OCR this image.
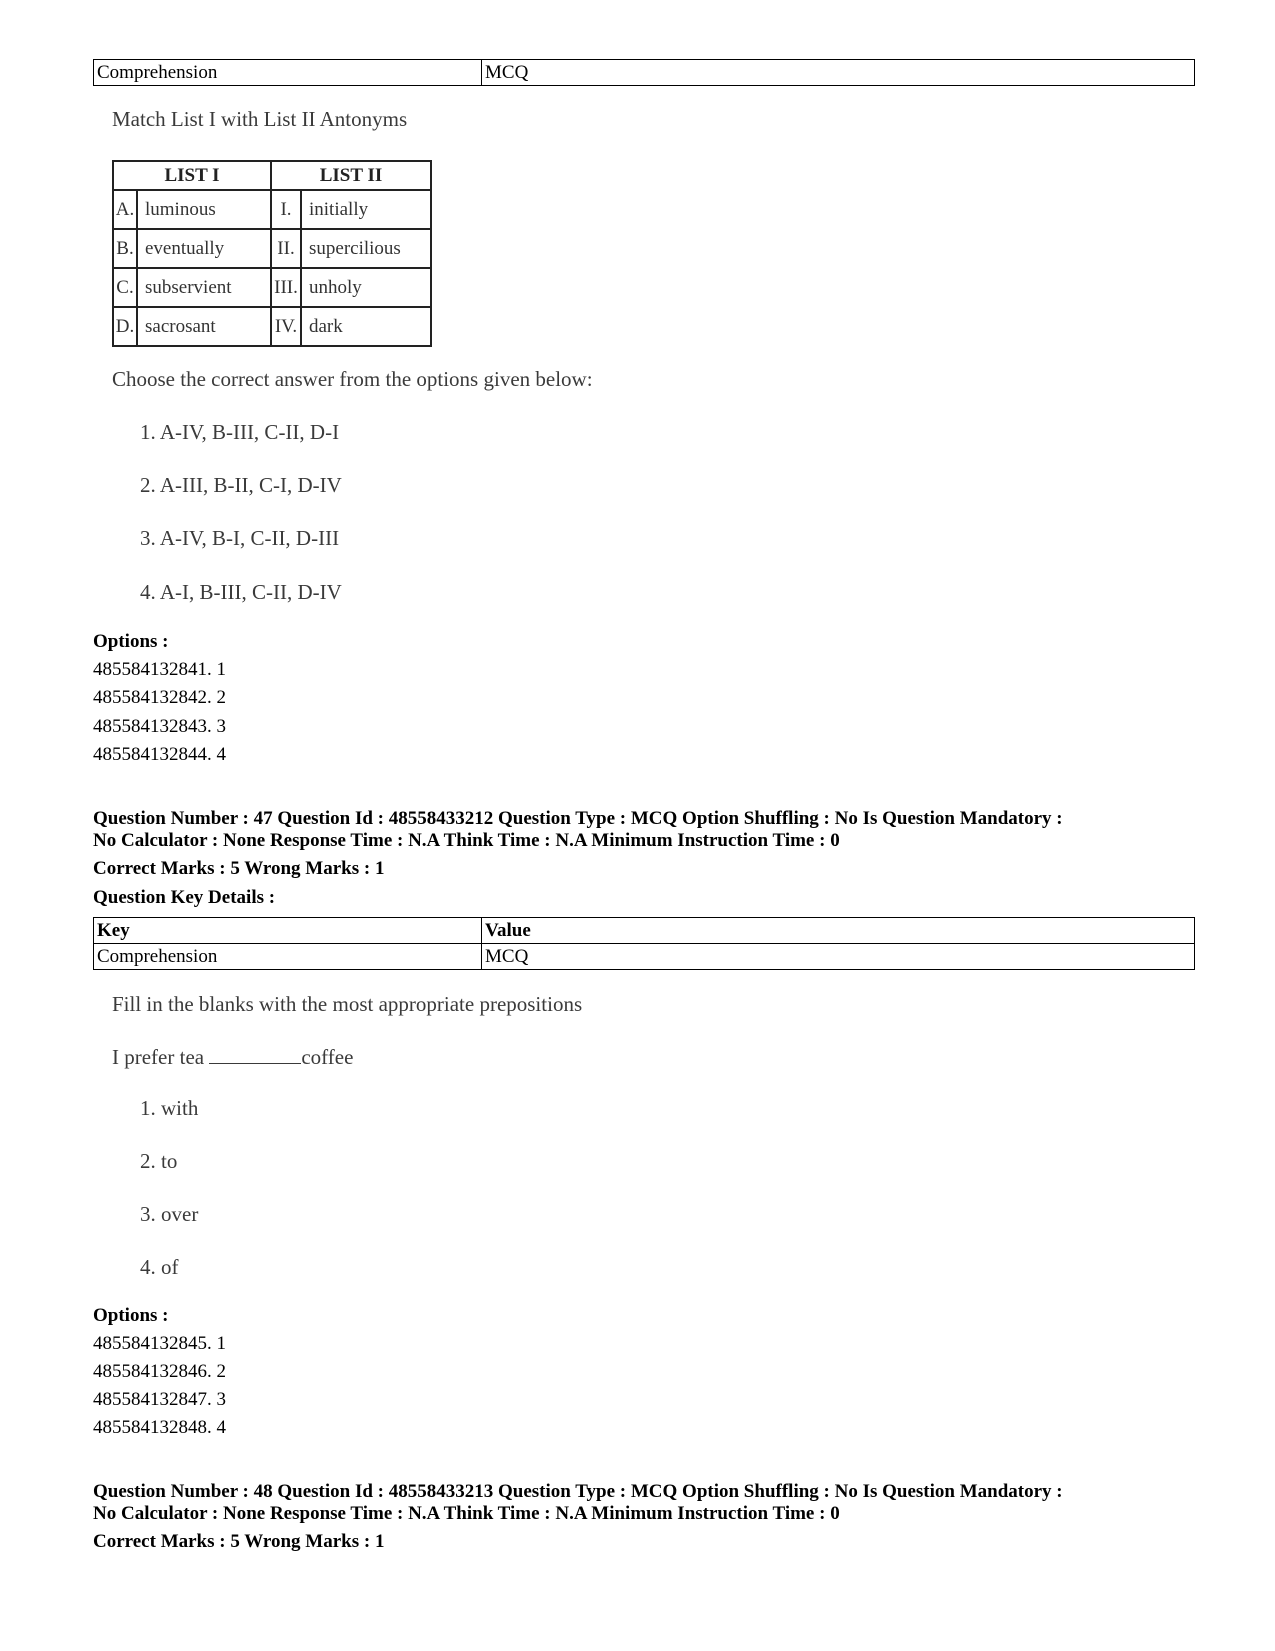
Comprehension	MCQ
Match List I with List II Antonyms
LIST I		LIST II	
A.	luminous	I.	initially
B.	eventually	II.	supercilious
C.	subservient	III.	unholy
D.	sacrosant	IV.	dark
Choose the correct answer from the options given below:
1. A-IV, B-III, C-II, D-I
2. A-III, B-II, C-I, D-IV
3. A-IV, B-I, C-II, D-III
4. A-I, B-III, C-II, D-IV
Options :
485584132841. 1
485584132842. 2
485584132843. 3
485584132844. 4
Question Number : 47 Question Id : 48558433212 Question Type : MCQ Option Shuffling : No Is Question Mandatory :
No Calculator : None Response Time : N.A Think Time : N.A Minimum Instruction Time : 0
Correct Marks : 5 Wrong Marks : 1
Question Key Details :
Key	Value
Comprehension	MCQ
Fill in the blanks with the most appropriate prepositions
I prefer tea	coffee
1. with
2. to
3. over
4. of
Options :
485584132845. 1
485584132846. 2
485584132847. 3
485584132848. 4
Question Number : 48 Question Id : 48558433213 Question Type : MCQ Option Shuffling : No Is Question Mandatory :
No Calculator : None Response Time : N.A Think Time : N.A Minimum Instruction Time : 0
Correct Marks : 5 Wrong Marks : 1
